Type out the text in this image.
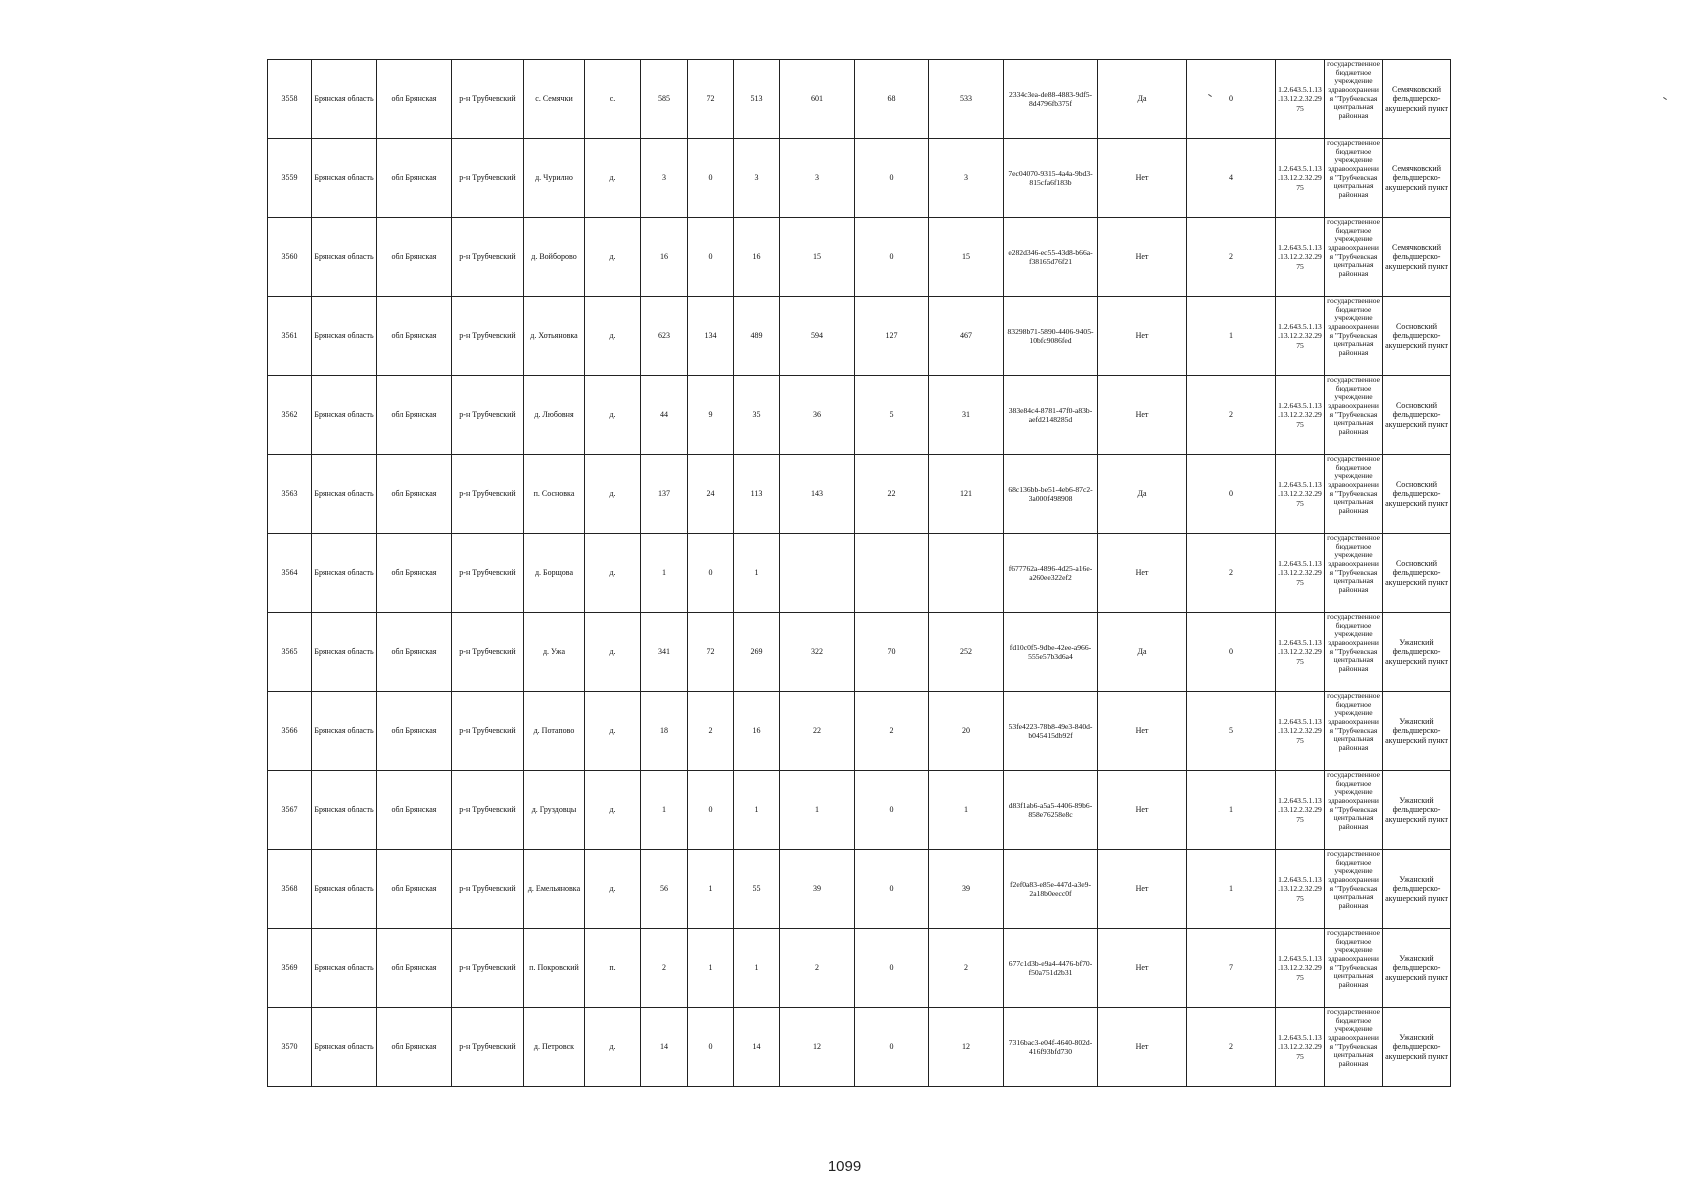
3558	Брянская область	обл Брянская	р-н Трубчевский	с. Семячки	с.	585	72	513	601	68	533	2334c3ea-de88-4883-9df5-8d4796fb375f	Да	0	1.2.643.5.1.13.13.12.2.32.2975	государственное бюджетное учреждение здравоохранения "Трубчевская центральная районная	Семячковский фельдшерско-акушерский пункт
3559	Брянская область	обл Брянская	р-н Трубчевский	д. Чурилно	д.	3	0	3	3	0	3	7ec04070-9315-4a4a-9bd3-815cfa6f183b	Нет	4	1.2.643.5.1.13.13.12.2.32.2975	государственное бюджетное учреждение здравоохранения "Трубчевская центральная районная	Семячковский фельдшерско-акушерский пункт
3560	Брянская область	обл Брянская	р-н Трубчевский	д. Войборово	д.	16	0	16	15	0	15	e282d346-ec55-43d8-b66a-f38165d76f21	Нет	2	1.2.643.5.1.13.13.12.2.32.2975	государственное бюджетное учреждение здравоохранения "Трубчевская центральная районная	Семячковский фельдшерско-акушерский пункт
3561	Брянская область	обл Брянская	р-н Трубчевский	д. Хотьяновка	д.	623	134	489	594	127	467	83298b71-5890-4406-9405-10bfc9086fed	Нет	1	1.2.643.5.1.13.13.12.2.32.2975	государственное бюджетное учреждение здравоохранения "Трубчевская центральная районная	Сосновский фельдшерско-акушерский пункт
3562	Брянская область	обл Брянская	р-н Трубчевский	д. Любовня	д.	44	9	35	36	5	31	383e84c4-8781-47f0-a83b-aefd2148285d	Нет	2	1.2.643.5.1.13.13.12.2.32.2975	государственное бюджетное учреждение здравоохранения "Трубчевская центральная районная	Сосновский фельдшерско-акушерский пункт
3563	Брянская область	обл Брянская	р-н Трубчевский	п. Сосновка	д.	137	24	113	143	22	121	68c136bb-be51-4eb6-87c2-3a000f498908	Да	0	1.2.643.5.1.13.13.12.2.32.2975	государственное бюджетное учреждение здравоохранения "Трубчевская центральная районная	Сосновский фельдшерско-акушерский пункт
3564	Брянская область	обл Брянская	р-н Трубчевский	д. Борщова	д.	1	0	1				f677762a-4896-4d25-a16e-a260ee322ef2	Нет	2	1.2.643.5.1.13.13.12.2.32.2975	государственное бюджетное учреждение здравоохранения "Трубчевская центральная районная	Сосновский фельдшерско-акушерский пункт
3565	Брянская область	обл Брянская	р-н Трубчевский	д. Ужа	д.	341	72	269	322	70	252	fd10c0f5-9dbe-42ee-a966-555e57b3d6a4	Да	0	1.2.643.5.1.13.13.12.2.32.2975	государственное бюджетное учреждение здравоохранения "Трубчевская центральная районная	Ужанский фельдшерско-акушерский пункт
3566	Брянская область	обл Брянская	р-н Трубчевский	д. Потапово	д.	18	2	16	22	2	20	53fe4223-78b8-49e3-840d-b045415db92f	Нет	5	1.2.643.5.1.13.13.12.2.32.2975	государственное бюджетное учреждение здравоохранения "Трубчевская центральная районная	Ужанский фельдшерско-акушерский пункт
3567	Брянская область	обл Брянская	р-н Трубчевский	д. Груздовцы	д.	1	0	1	1	0	1	d83f1ab6-a5a5-4406-89b6-858e76258e8c	Нет	1	1.2.643.5.1.13.13.12.2.32.2975	государственное бюджетное учреждение здравоохранения "Трубчевская центральная районная	Ужанский фельдшерско-акушерский пункт
3568	Брянская область	обл Брянская	р-н Трубчевский	д. Емельяновка	д.	56	1	55	39	0	39	f2ef0a83-e85e-447d-a3e9-2a18b0eecc0f	Нет	1	1.2.643.5.1.13.13.12.2.32.2975	государственное бюджетное учреждение здравоохранения "Трубчевская центральная районная	Ужанский фельдшерско-акушерский пункт
3569	Брянская область	обл Брянская	р-н Трубчевский	п. Покровский	п.	2	1	1	2	0	2	677c1d3b-e9a4-4476-bf70-f50a751d2b31	Нет	7	1.2.643.5.1.13.13.12.2.32.2975	государственное бюджетное учреждение здравоохранения "Трубчевская центральная районная	Ужанский фельдшерско-акушерский пункт
3570	Брянская область	обл Брянская	р-н Трубчевский	д. Петровск	д.	14	0	14	12	0	12	7316bac3-e04f-4640-802d-416f93bfd730	Нет	2	1.2.643.5.1.13.13.12.2.32.2975	государственное бюджетное учреждение здравоохранения "Трубчевская центральная районная	Ужанский фельдшерско-акушерский пункт
1099
